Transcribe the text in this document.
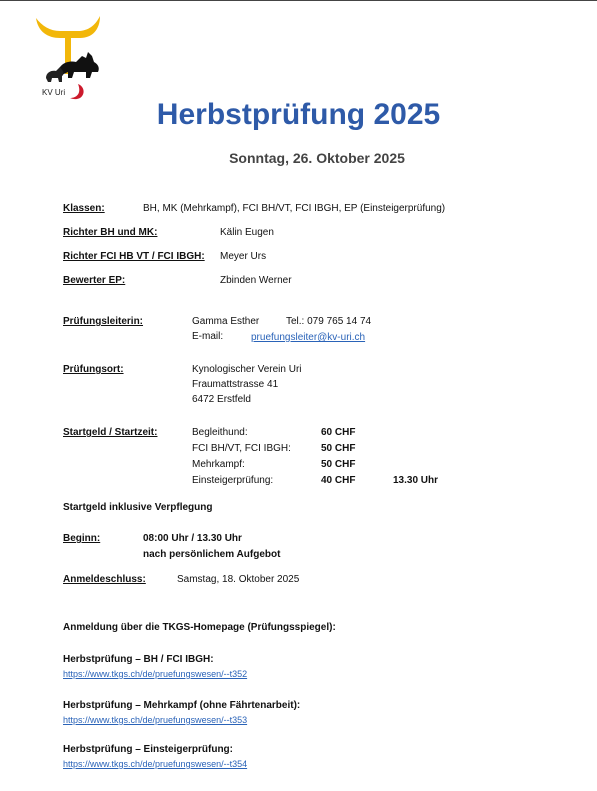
KV Uri
Herbstprüfung 2025
Sonntag, 26. Oktober 2025
Klassen:	BH, MK (Mehrkampf), FCI BH/VT, FCI IBGH, EP (Einsteigerprüfung)
Richter BH und MK:	Kälin Eugen
Richter FCI HB VT / FCI IBGH: Meyer Urs
Bewerter EP:	Zbinden Werner
Prüfungsleiterin:	Gamma Esther	Tel.: 079 765 14 74
E-mail:	pruefungsleiter@kv-uri.ch
Prüfungsort:	Kynologischer Verein Uri
Fraumattstrasse 41
6472 Erstfeld
Startgeld / Startzeit:	Begleithund:	60 CHF
FCI BH/VT, FCI IBGH:	50 CHF
Mehrkampf:	50 CHF
Einsteigerprüfung:	40 CHF	13.30 Uhr
Startgeld inklusive Verpflegung
Beginn:	08:00 Uhr / 13.30 Uhr
nach persönlichem Aufgebot
Anmeldeschluss:	Samstag, 18. Oktober 2025
Anmeldung über die TKGS-Homepage (Prüfungsspiegel):
Herbstprüfung – BH / FCI IBGH:
https://www.tkgs.ch/de/pruefungswesen/--t352
Herbstprüfung – Mehrkampf (ohne Fährtenarbeit):
https://www.tkgs.ch/de/pruefungswesen/--t353
Herbstprüfung – Einsteigerprüfung:
https://www.tkgs.ch/de/pruefungswesen/--t354
